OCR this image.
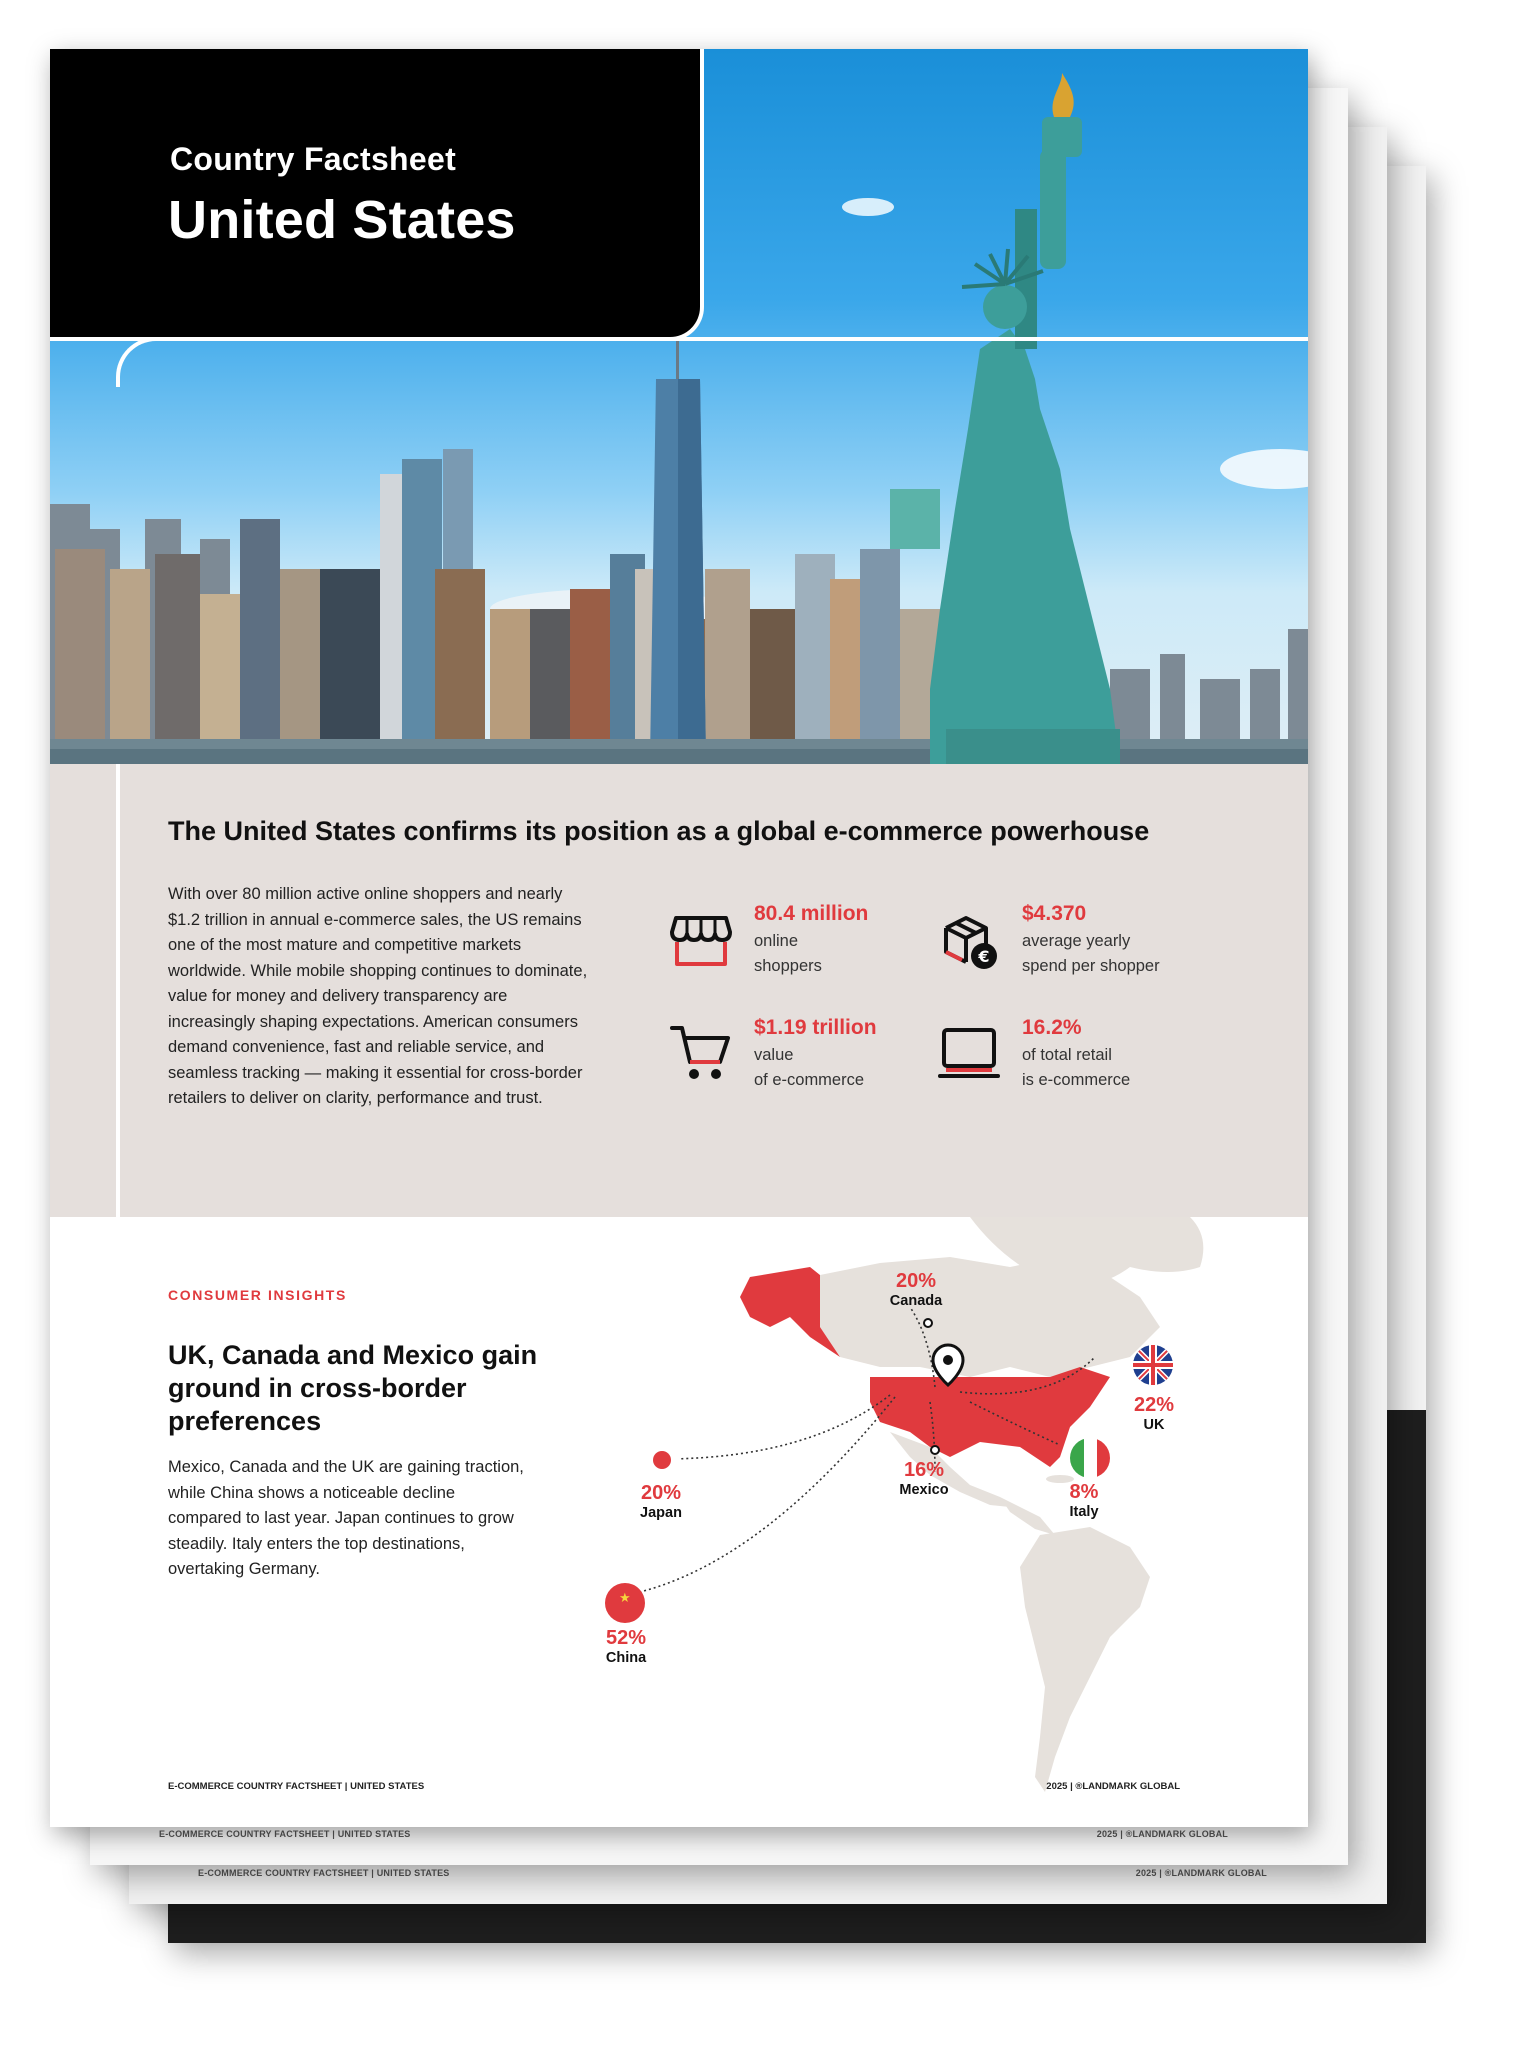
E-COMMERCE COUNTRY FACTSHEET | UNITED STATES	2025 | ®LANDMARK GLOBAL
E-COMMERCE COUNTRY FACTSHEET | UNITED STATES	2025 | ®LANDMARK GLOBAL
Country Factsheet
United States
The United States confirms its position as a global e-commerce powerhouse
With over 80 million active online shoppers and nearly $1.2 trillion in annual e-commerce sales, the US remains one of the most mature and competitive markets worldwide. While mobile shopping continues to dominate, value for money and delivery transparency are increasingly shaping expectations. American consumers demand convenience, fast and reliable service, and seamless tracking — making it essential for cross-border retailers to deliver on clarity, performance and trust.
80.4 million
online
shoppers	€
$4.370
average yearly
spend per shopper
$1.19 trillion
value
of e-commerce
16.2%
of total retail
is e-commerce
★
CONSUMER INSIGHTS
UK, Canada and Mexico gain ground in cross-border preferences
Mexico, Canada and the UK are gaining traction, while China shows a noticeable decline compared to last year. Japan continues to grow steadily. Italy enters the top destinations, overtaking Germany.
20%
Canada
22%
UK
20%
Japan
16%
Mexico	8%
Italy
52%
China
E-COMMERCE COUNTRY FACTSHEET | UNITED STATES	2025 | ®LANDMARK GLOBAL
